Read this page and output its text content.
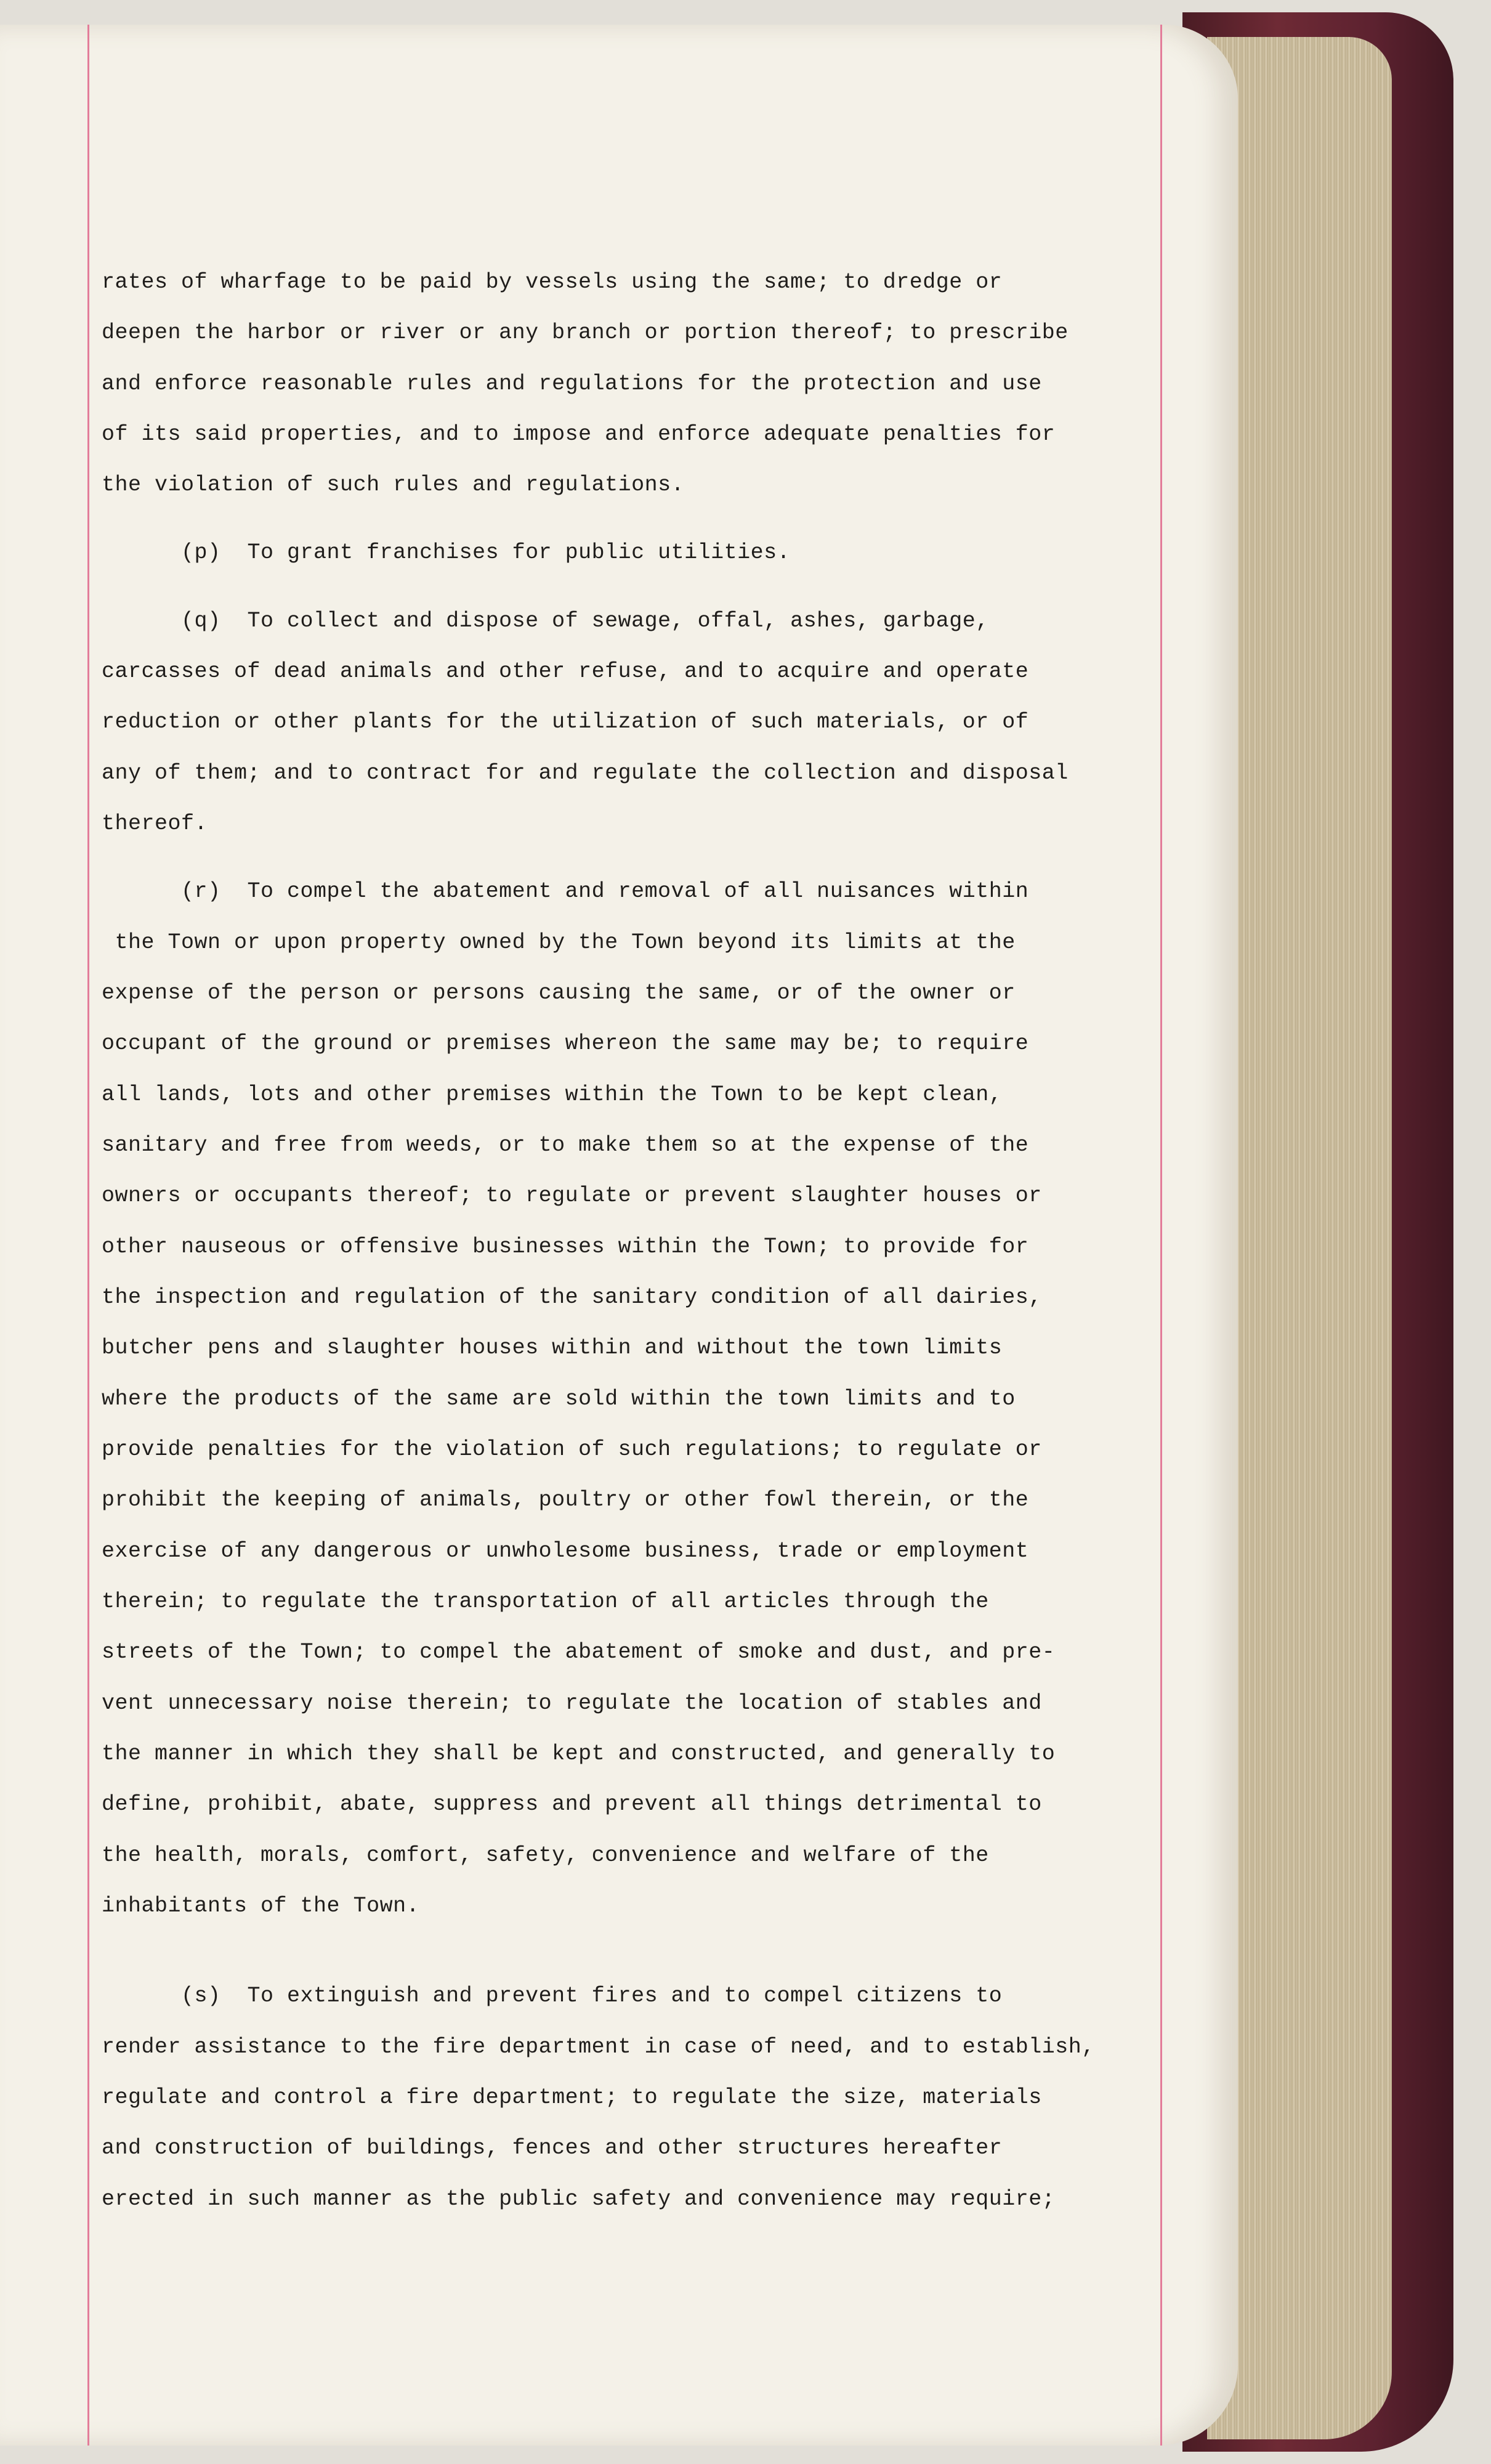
rates of wharfage to be paid by vessels using the same; to dredge or
deepen the harbor or river or any branch or portion thereof; to prescribe
and enforce reasonable rules and regulations for the protection and use
of its said properties, and to impose and enforce adequate penalties for
the violation of such rules and regulations.
(p)  To grant franchises for public utilities.
(q)  To collect and dispose of sewage, offal, ashes, garbage,
carcasses of dead animals and other refuse, and to acquire and operate
reduction or other plants for the utilization of such materials, or of
any of them; and to contract for and regulate the collection and disposal
thereof.
(r)  To compel the abatement and removal of all nuisances within
the Town or upon property owned by the Town beyond its limits at the
expense of the person or persons causing the same, or of the owner or
occupant of the ground or premises whereon the same may be; to require
all lands, lots and other premises within the Town to be kept clean,
sanitary and free from weeds, or to make them so at the expense of the
owners or occupants thereof; to regulate or prevent slaughter houses or
other nauseous or offensive businesses within the Town; to provide for
the inspection and regulation of the sanitary condition of all dairies,
butcher pens and slaughter houses within and without the town limits
where the products of the same are sold within the town limits and to
provide penalties for the violation of such regulations; to regulate or
prohibit the keeping of animals, poultry or other fowl therein, or the
exercise of any dangerous or unwholesome business, trade or employment
therein; to regulate the transportation of all articles through the
streets of the Town; to compel the abatement of smoke and dust, and pre-
vent unnecessary noise therein; to regulate the location of stables and
the manner in which they shall be kept and constructed, and generally to
define, prohibit, abate, suppress and prevent all things detrimental to
the health, morals, comfort, safety, convenience and welfare of the
inhabitants of the Town.
(s)  To extinguish and prevent fires and to compel citizens to
render assistance to the fire department in case of need, and to establish,
regulate and control a fire department; to regulate the size, materials
and construction of buildings, fences and other structures hereafter
erected in such manner as the public safety and convenience may require;
